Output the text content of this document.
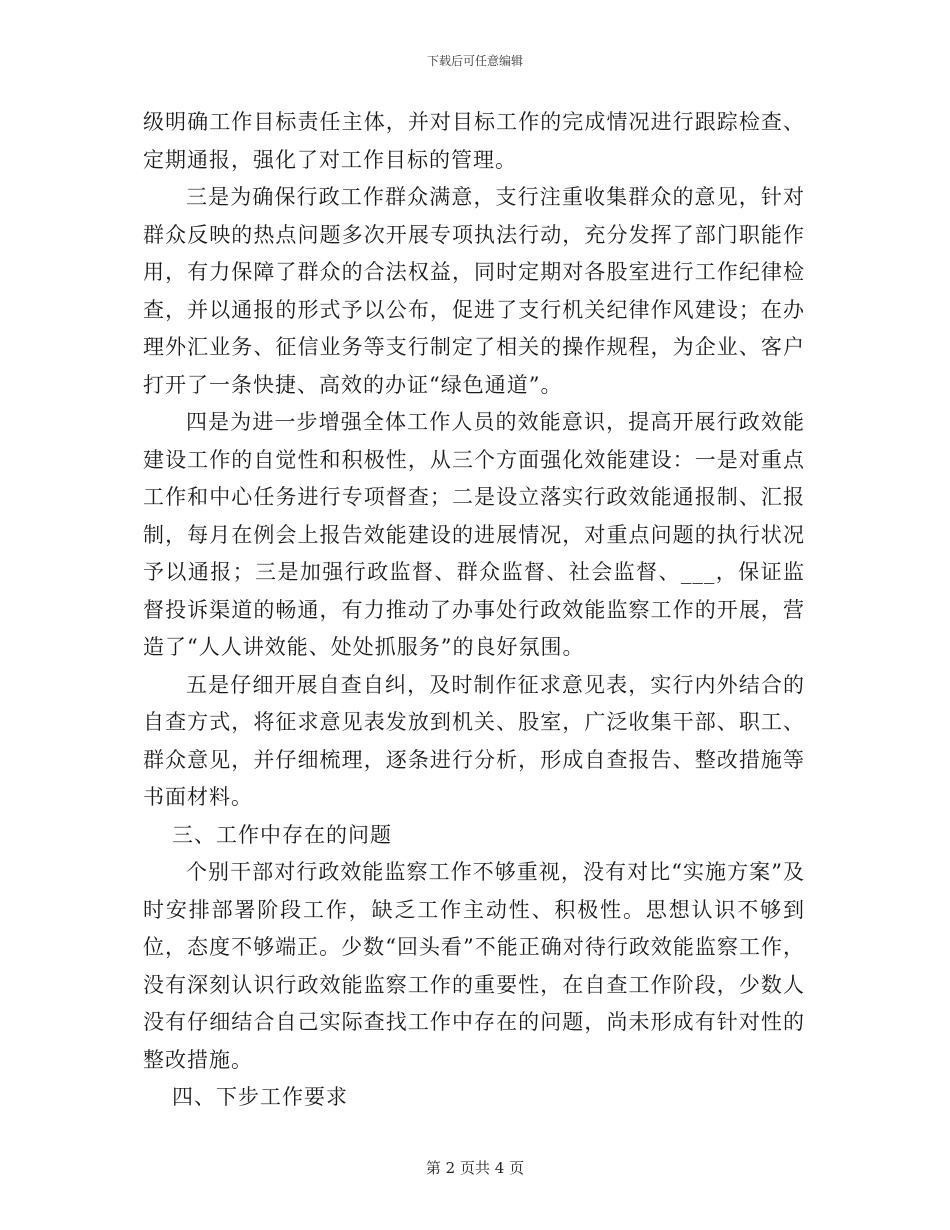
下载后可任意编辑

级明确工作目标责任主体，并对目标工作的完成情况进行跟踪检查、定期通报，强化了对工作目标的管理。

三是为确保行政工作群众满意，支行注重收集群众的意见，针对群众反映的热点问题多次开展专项执法行动，充分发挥了部门职能作用，有力保障了群众的合法权益，同时定期对各股室进行工作纪律检查，并以通报的形式予以公布，促进了支行机关纪律作风建设；在办理外汇业务、征信业务等支行制定了相关的操作规程，为企业、客户打开了一条快捷、高效的办证“绿色通道”。

四是为进一步增强全体工作人员的效能意识，提高开展行政效能建设工作的自觉性和积极性，从三个方面强化效能建设：一是对重点工作和中心任务进行专项督查；二是设立落实行政效能通报制、汇报制，每月在例会上报告效能建设的进展情况，对重点问题的执行状况予以通报；三是加强行政监督、群众监督、社会监督、___，保证监督投诉渠道的畅通，有力推动了办事处行政效能监察工作的开展，营造了“人人讲效能、处处抓服务”的良好氛围。

五是仔细开展自查自纠，及时制作征求意见表，实行内外结合的自查方式，将征求意见表发放到机关、股室，广泛收集干部、职工、群众意见，并仔细梳理，逐条进行分析，形成自查报告、整改措施等书面材料。

三、工作中存在的问题

个别干部对行政效能监察工作不够重视，没有对比“实施方案”及时安排部署阶段工作，缺乏工作主动性、积极性。思想认识不够到位，态度不够端正。少数“回头看”不能正确对待行政效能监察工作，没有深刻认识行政效能监察工作的重要性，在自查工作阶段，少数人没有仔细结合自己实际查找工作中存在的问题，尚未形成有针对性的整改措施。

四、下步工作要求

第 2 页共 4 页
